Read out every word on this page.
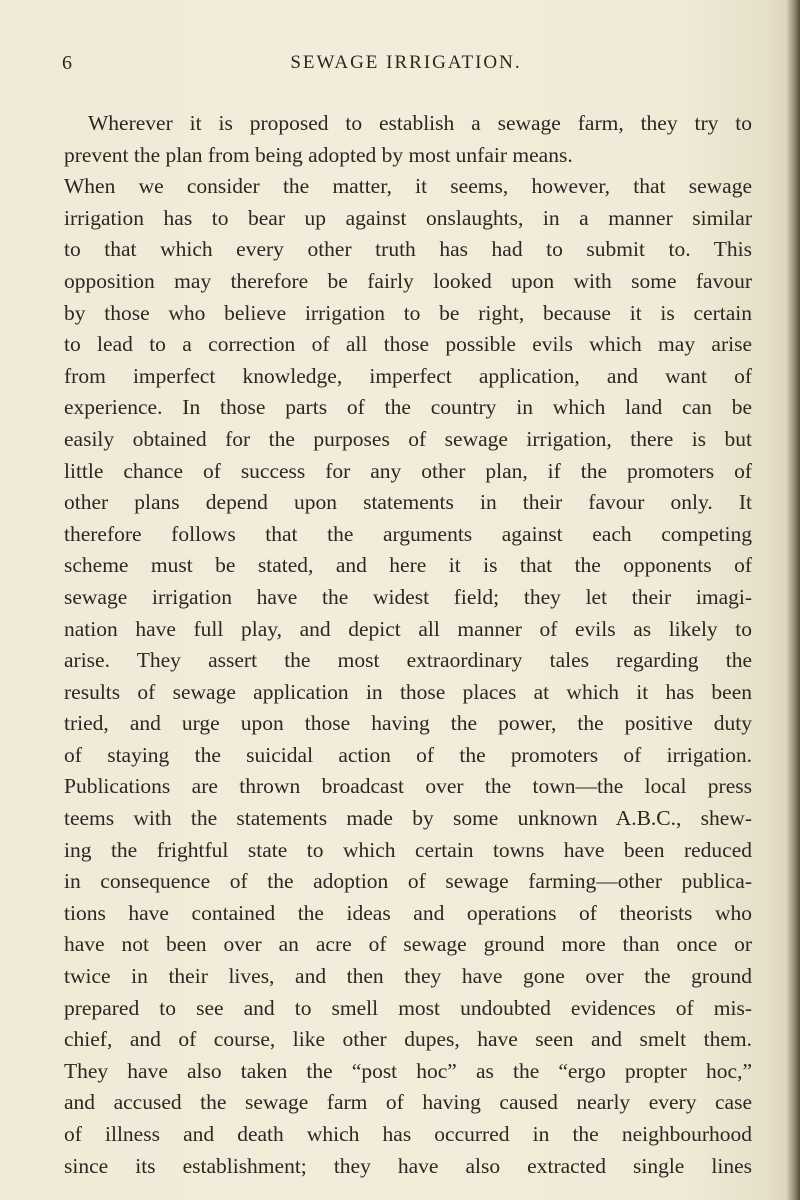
6	SEWAGE IRRIGATION.
Wherever it is proposed to establish a sewage farm, they try to
prevent the plan from being adopted by most unfair means.
When we consider the matter, it seems, however, that sewage
irrigation has to bear up against onslaughts, in a manner similar
to that which every other truth has had to submit to. This
opposition may therefore be fairly looked upon with some favour
by those who believe irrigation to be right, because it is certain
to lead to a correction of all those possible evils which may arise
from imperfect knowledge, imperfect application, and want of
experience. In those parts of the country in which land can be
easily obtained for the purposes of sewage irrigation, there is but
little chance of success for any other plan, if the promoters of
other plans depend upon statements in their favour only. It
therefore follows that the arguments against each competing
scheme must be stated, and here it is that the opponents of
sewage irrigation have the widest field; they let their imagi-
nation have full play, and depict all manner of evils as likely to
arise. They assert the most extraordinary tales regarding the
results of sewage application in those places at which it has been
tried, and urge upon those having the power, the positive duty
of staying the suicidal action of the promoters of irrigation.
Publications are thrown broadcast over the town—the local press
teems with the statements made by some unknown A.B.C., shew-
ing the frightful state to which certain towns have been reduced
in consequence of the adoption of sewage farming—other publica-
tions have contained the ideas and operations of theorists who
have not been over an acre of sewage ground more than once or
twice in their lives, and then they have gone over the ground
prepared to see and to smell most undoubted evidences of mis-
chief, and of course, like other dupes, have seen and smelt them.
They have also taken the “post hoc” as the “ergo propter hoc,”
and accused the sewage farm of having caused nearly every case
of illness and death which has occurred in the neighbourhood
since its establishment; they have also extracted single lines
